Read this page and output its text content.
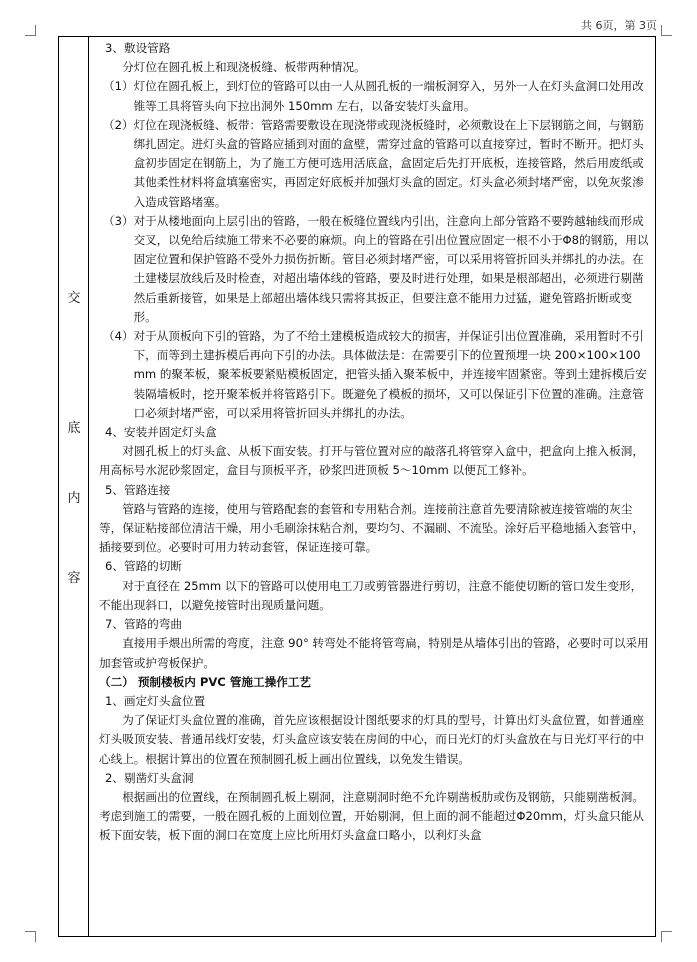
共 6页，第 3页
交
底
内
容

3、敷设管路

分灯位在圆孔板上和现浇板缝、板带两种情况。

（1） 灯位在圆孔板上，到灯位的管路可以由一人从圆孔板的一端板洞穿入，另外一人在灯头盒洞口处用改锥等工具将管头向下拉出洞外 150mm 左右，以备安装灯头盒用。

（2） 灯位在现浇板缝、板带：管路需要敷设在现浇带或现浇板缝时，必须敷设在上下层钢筋之间，与钢筋绑扎固定。进灯头盒的管路应插到对面的盒壁，需穿过盒的管路可以直接穿过，暂时不断开。把灯头盒初步固定在钢筋上，为了施工方便可选用活底盒，盒固定后先打开底板，连接管路，然后用废纸或其他柔性材料将盒填塞密实，再固定好底板并加强灯头盒的固定。灯头盒必须封堵严密，以免灰浆渗入造成管路堵塞。

（3） 对于从楼地面向上层引出的管路，一般在板缝位置线内引出，注意向上部分管路不要跨越轴线而形成交叉，以免给后续施工带来不必要的麻烦。向上的管路在引出位置应固定一根不小于Φ8的钢筋，用以固定位置和保护管路不受外力损伤折断。管目必须封堵严密，可以采用将管折回头并绑扎的办法。在土建楼层放线后及时检查，对超出墙体线的管路，要及时进行处理，如果是根部超出，必须进行剔凿然后重新接管，如果是上部超出墙体线只需将其扳正，但要注意不能用力过猛，避免管路折断或变形。

（4） 对于从顶板向下引的管路，为了不给土建模板造成较大的损害，并保证引出位置准确，采用暂时不引下，而等到土建拆模后再向下引的办法。具体做法是：在需要引下的位置预埋一块 200×100×100mm 的聚苯板，聚苯板要紧贴模板固定，把管头插入聚苯板中，并连接牢固紧密。等到土建拆模后安装隔墙板时，挖开聚苯板并将管路引下。既避免了模板的损坏，又可以保证引下位置的准确。注意管口必须封堵严密，可以采用将管折回头并绑扎的办法。

4、安装并固定灯头盒

对圆孔板上的灯头盒、从板下面安装。打开与管位置对应的敲落孔将管穿入盒中，把盒向上推入板洞，用高标号水泥砂浆固定，盒目与顶板平齐，砂浆凹进顶板 5～10mm 以便瓦工修补。

5、管路连接

管路与管路的连接，使用与管路配套的套管和专用粘合剂。连接前注意首先要清除被连接管端的灰尘等，保证粘接部位清洁干燥，用小毛刷涂抹粘合剂，要均匀、不漏刷、不流坠。涂好后平稳地插入套管中，插接要到位。必要时可用力转动套管，保证连接可靠。

6、管路的切断

对于直径在 25mm 以下的管路可以使用电工刀或剪管器进行剪切，注意不能使切断的管口发生变形，不能出现斜口，以避免接管时出现质量问题。

7、管路的弯曲

直接用手煨出所需的弯度，注意 90° 转弯处不能将管弯扁，特别是从墙体引出的管路，必要时可以采用加套管或护弯板保护。

（二） 预制楼板内 PVC 管施工操作工艺

1、画定灯头盒位置

为了保证灯头盒位置的准确，首先应该根据设计图纸要求的灯具的型号，计算出灯头盒位置，如普通座灯头吸顶安装、普通吊线灯安装，灯头盒应该安装在房间的中心，而日光灯的灯头盒放在与日光灯平行的中心线上。根据计算出的位置在预制圆孔板上画出位置线，以免发生错误。

2、剔凿灯头盒洞

根据画出的位置线，在预制圆孔板上剔洞，注意剔洞时绝不允许剔凿板肋或伤及钢筋，只能剔凿板洞。考虑到施工的需要，一般在圆孔板的上面划位置，开始剔洞，但上面的洞不能超过Φ20mm，灯头盒只能从板下面安装，板下面的洞口在宽度上应比所用灯头盒盒口略小，以利灯头盒
